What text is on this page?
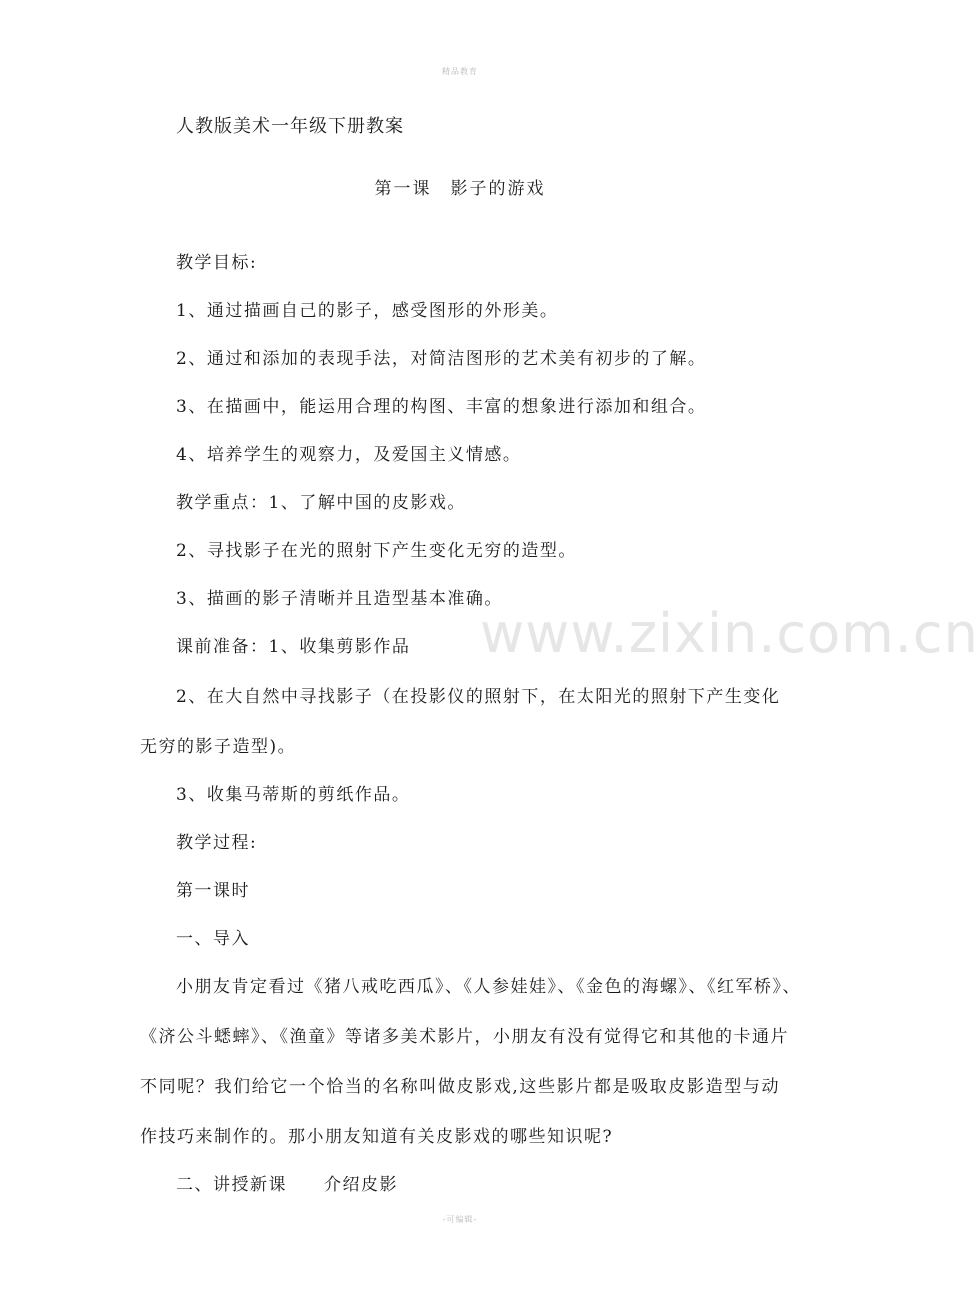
精品教育
人教版美术一年级下册教案
第一课　影子的游戏
教学目标:
1、通过描画自己的影子，感受图形的外形美。
2、通过和添加的表现手法，对简洁图形的艺术美有初步的了解。
3、在描画中，能运用合理的构图、丰富的想象进行添加和组合。
4、培养学生的观察力，及爱国主义情感。
教学重点：1、了解中国的皮影戏。
2、寻找影子在光的照射下产生变化无穷的造型。
3、描画的影子清晰并且造型基本准确。
课前准备：1、收集剪影作品
2、在大自然中寻找影子（在投影仪的照射下，在太阳光的照射下产生变化
无穷的影子造型)。
3、收集马蒂斯的剪纸作品。
教学过程:
第一课时
一、导入
小朋友肯定看过《猪八戒吃西瓜》、《人参娃娃》、《金色的海螺》、《红军桥》、
《济公斗蟋蟀》、《渔童》等诸多美术影片，小朋友有没有觉得它和其他的卡通片
不同呢？我们给它一个恰当的名称叫做皮影戏,这些影片都是吸取皮影造型与动
作技巧来制作的。那小朋友知道有关皮影戏的哪些知识呢?
二、讲授新课　　介绍皮影
www.zixin.com.cn
-可编辑-
